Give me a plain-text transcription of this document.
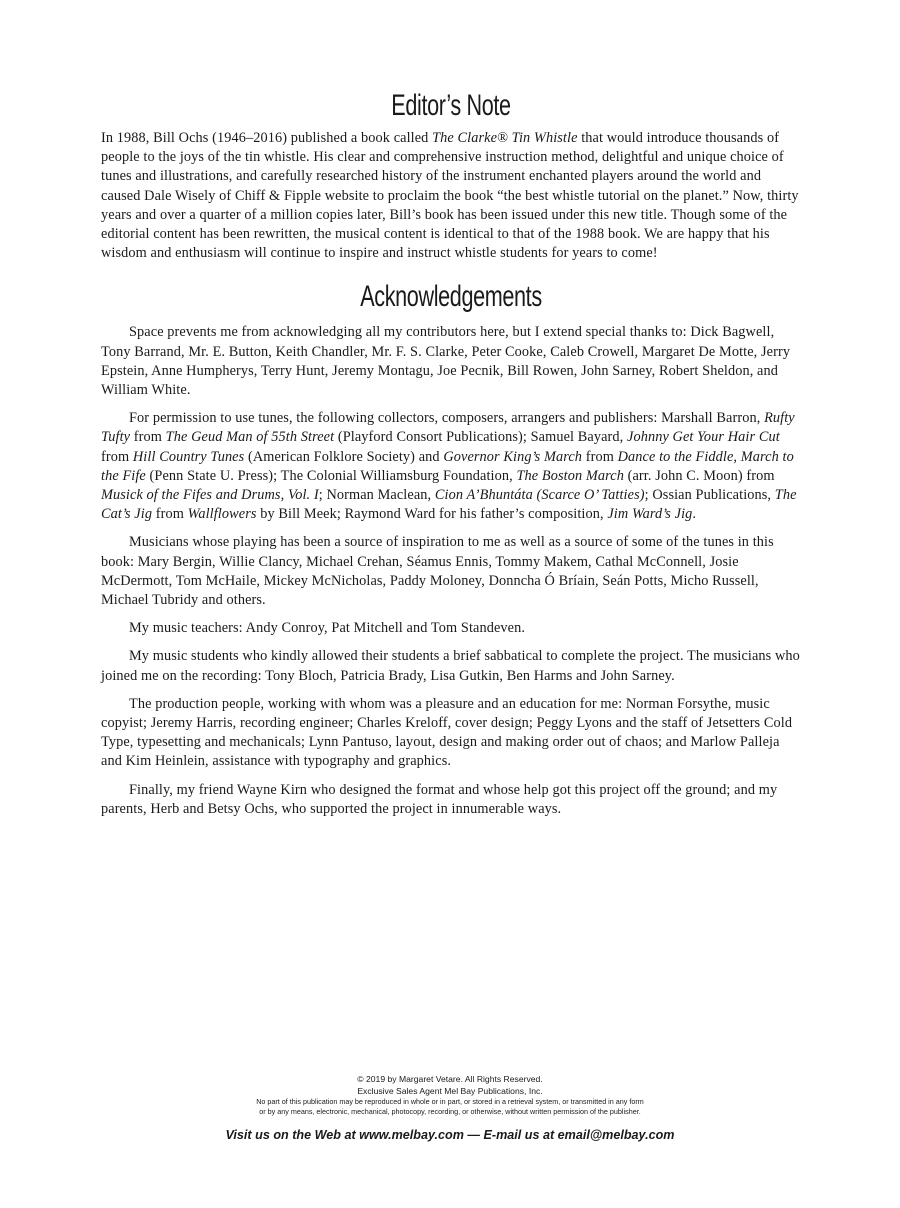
Editor’s Note

In 1988, Bill Ochs (1946–2016) published a book called The Clarke® Tin Whistle that would introduce thousands of people to the joys of the tin whistle. His clear and comprehensive instruction method, delightful and unique choice of tunes and illustrations, and carefully researched history of the instrument enchanted players around the world and caused Dale Wisely of Chiff & Fipple website to proclaim the book “the best whistle tutorial on the planet.” Now, thirty years and over a quarter of a million copies later, Bill’s book has been issued under this new title. Though some of the editorial content has been rewritten, the musical content is identical to that of the 1988 book. We are happy that his wisdom and enthusiasm will continue to inspire and instruct whistle students for years to come!

Acknowledgements

Space prevents me from acknowledging all my contributors here, but I extend special thanks to: Dick Bagwell, Tony Barrand, Mr. E. Button, Keith Chandler, Mr. F. S. Clarke, Peter Cooke, Caleb Crowell, Margaret De Motte, Jerry Epstein, Anne Humpherys, Terry Hunt, Jeremy Montagu, Joe Pecnik, Bill Rowen, John Sarney, Robert Sheldon, and William White.

For permission to use tunes, the following collectors, composers, arrangers and publishers: Marshall Barron, Rufty Tufty from The Geud Man of 55th Street (Playford Consort Publications); Samuel Bayard, Johnny Get Your Hair Cut from Hill Country Tunes (American Folklore Society) and Governor King’s March from Dance to the Fiddle, March to the Fife (Penn State U. Press); The Colonial Williamsburg Foundation, The Boston March (arr. John C. Moon) from Musick of the Fifes and Drums, Vol. I; Norman Maclean, Cion A’Bhuntáta (Scarce O’ Tatties); Ossian Publications, The Cat’s Jig from Wallflowers by Bill Meek; Raymond Ward for his father’s composition, Jim Ward’s Jig.

Musicians whose playing has been a source of inspiration to me as well as a source of some of the tunes in this book: Mary Bergin, Willie Clancy, Michael Crehan, Séamus Ennis, Tommy Makem, Cathal McConnell, Josie McDermott, Tom McHaile, Mickey McNicholas, Paddy Moloney, Donncha Ó Bríain, Seán Potts, Micho Russell, Michael Tubridy and others.

My music teachers: Andy Conroy, Pat Mitchell and Tom Standeven.

My music students who kindly allowed their students a brief sabbatical to complete the project. The musicians who joined me on the recording: Tony Bloch, Patricia Brady, Lisa Gutkin, Ben Harms and John Sarney.

The production people, working with whom was a pleasure and an education for me: Norman Forsythe, music copyist; Jeremy Harris, recording engineer; Charles Kreloff, cover design; Peggy Lyons and the staff of Jetsetters Cold Type, typesetting and mechanicals; Lynn Pantuso, layout, design and making order out of chaos; and Marlow Palleja and Kim Heinlein, assistance with typography and graphics.

Finally, my friend Wayne Kirn who designed the format and whose help got this project off the ground; and my parents, Herb and Betsy Ochs, who supported the project in innumerable ways.

© 2019 by Margaret Vetare. All Rights Reserved.
Exclusive Sales Agent Mel Bay Publications, Inc.
No part of this publication may be reproduced in whole or in part, or stored in a retrieval system, or transmitted in any form
or by any means, electronic, mechanical, photocopy, recording, or otherwise, without written permission of the publisher.
Visit us on the Web at www.melbay.com — E-mail us at email@melbay.com
